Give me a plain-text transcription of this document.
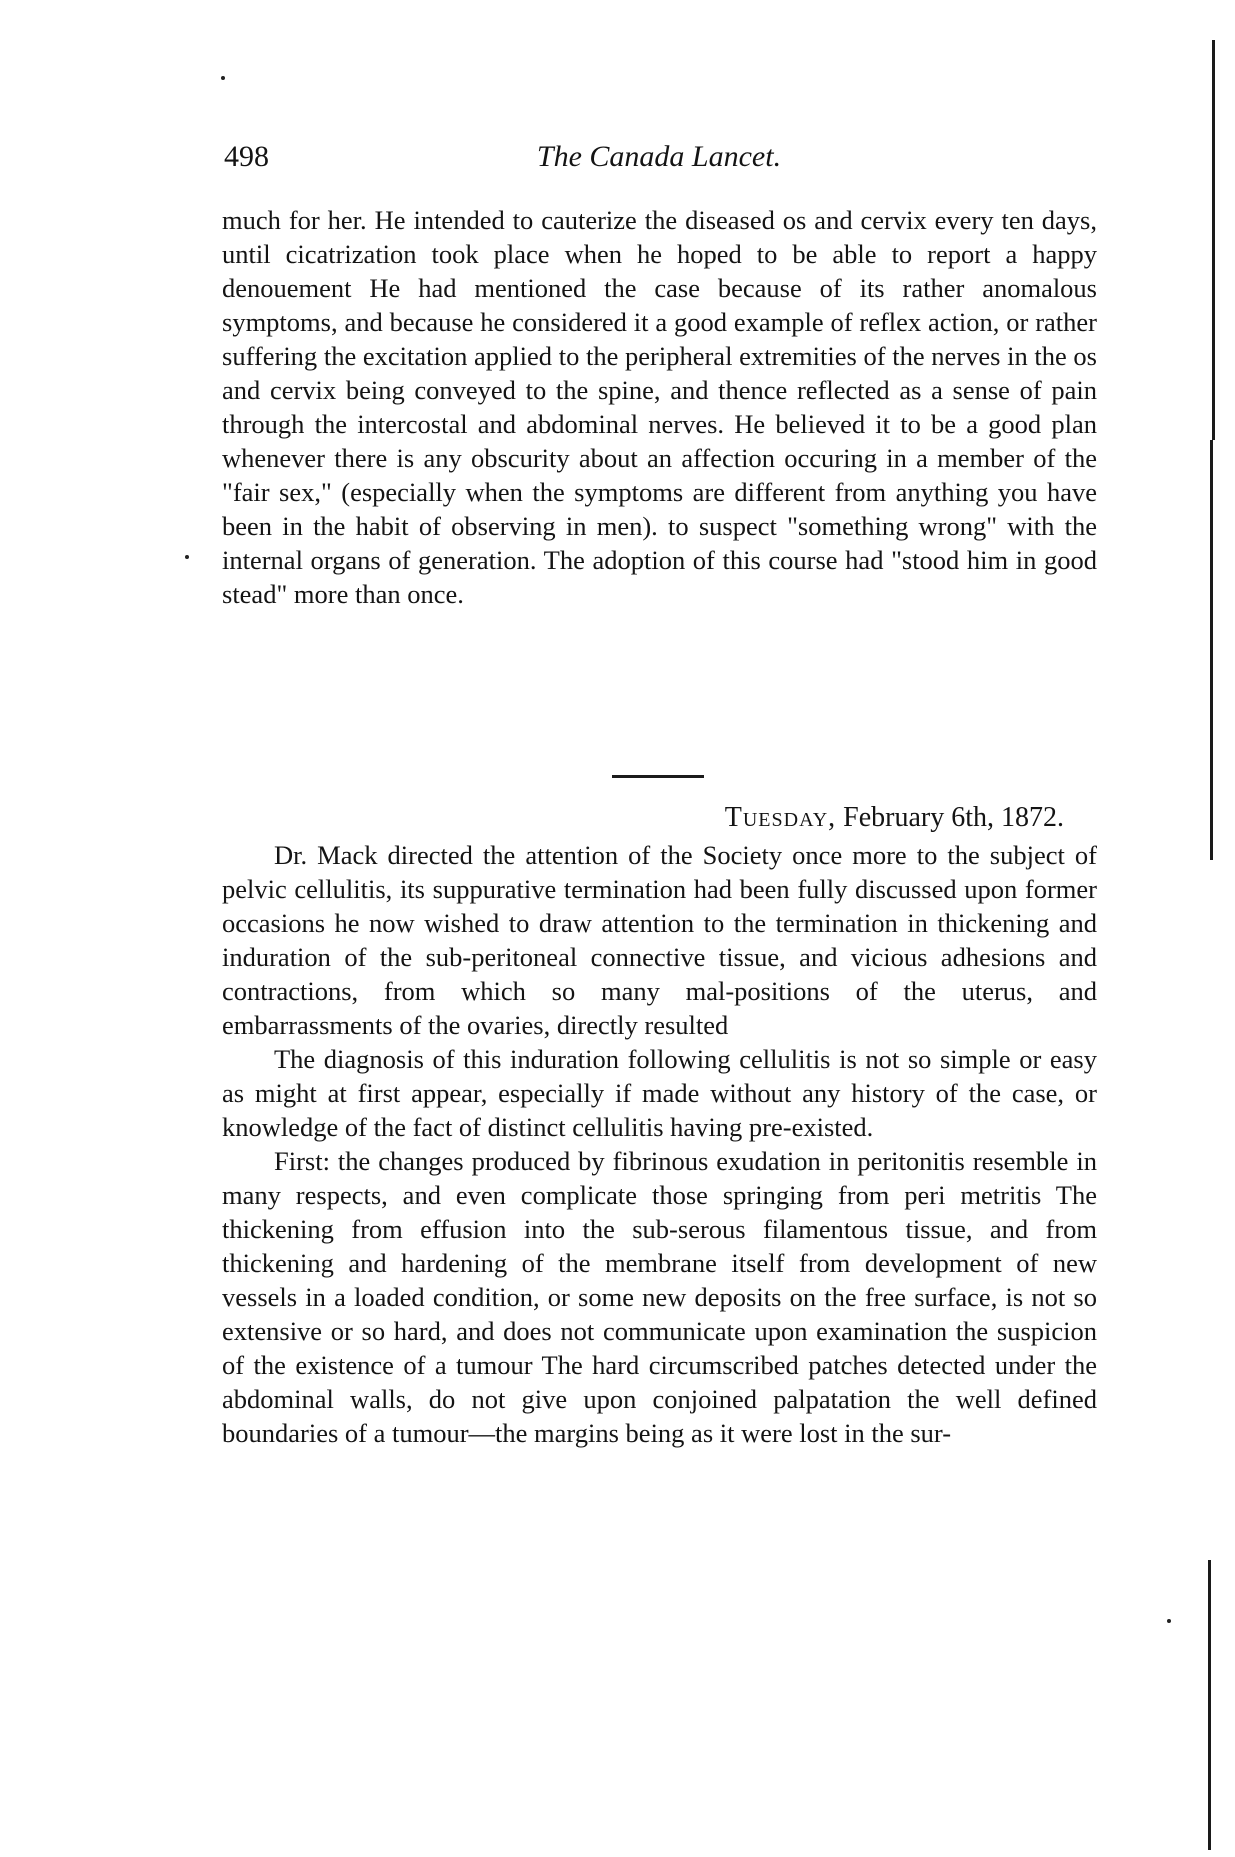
498	The Canada Lancet.

much for her. He intended to cauterize the diseased os and cervix every ten days, until cicatrization took place when he hoped to be able to report a happy denouement He had mentioned the case because of its rather anomalous symptoms, and because he considered it a good example of reflex action, or rather suffering the excitation applied to the peripheral extremities of the nerves in the os and cervix being conveyed to the spine, and thence reflected as a sense of pain through the intercostal and abdominal nerves. He believed it to be a good plan whenever there is any obscurity about an affection occuring in a member of the "fair sex," (especially when the symptoms are different from anything you have been in the habit of observing in men). to suspect "something wrong" with the internal organs of generation. The adoption of this course had "stood him in good stead" more than once.

Tuesday, February 6th, 1872.

Dr. Mack directed the attention of the Society once more to the subject of pelvic cellulitis, its suppurative termination had been fully discussed upon former occasions he now wished to draw attention to the termination in thickening and induration of the sub-peritoneal connective tissue, and vicious adhesions and contractions, from which so many mal-positions of the uterus, and embarrassments of the ovaries, directly resulted

The diagnosis of this induration following cellulitis is not so simple or easy as might at first appear, especially if made without any history of the case, or knowledge of the fact of distinct cellulitis having pre-existed.

First: the changes produced by fibrinous exudation in peritonitis resemble in many respects, and even complicate those springing from peri metritis The thickening from effusion into the sub-serous filamentous tissue, and from thickening and hardening of the membrane itself from development of new vessels in a loaded condition, or some new deposits on the free surface, is not so extensive or so hard, and does not communicate upon examination the suspicion of the existence of a tumour The hard circumscribed patches detected under the abdominal walls, do not give upon conjoined palpatation the well defined boundaries of a tumour—the margins being as it were lost in the sur-
